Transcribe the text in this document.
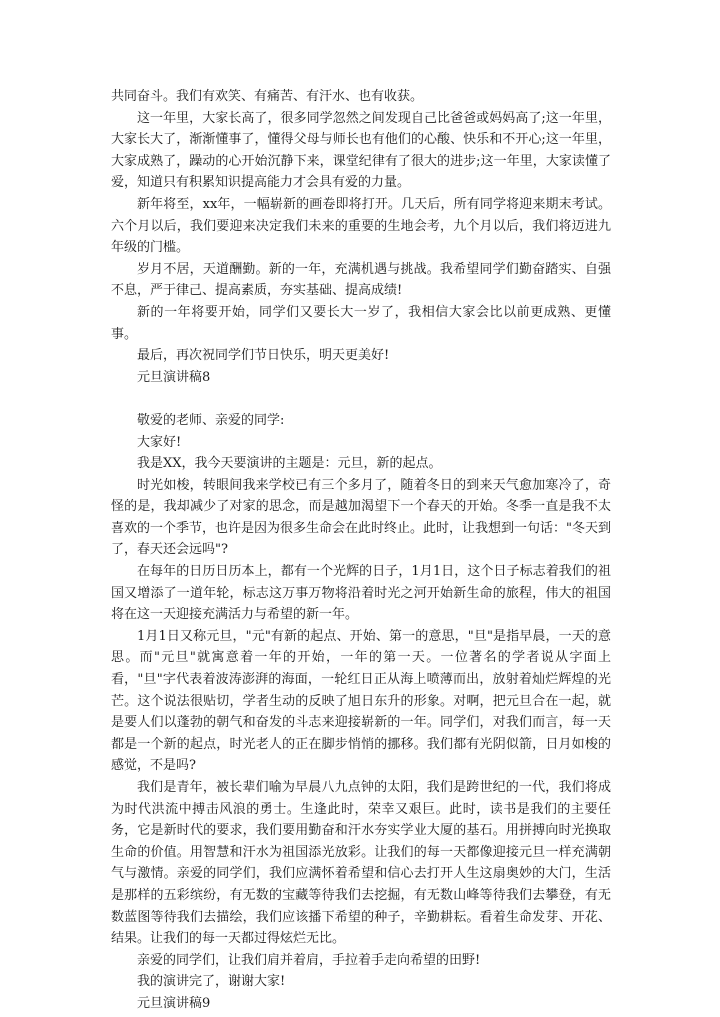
共同奋斗。我们有欢笑、有痛苦、有汗水、也有收获。

这一年里，大家长高了，很多同学忽然之间发现自己比爸爸或妈妈高了;这一年里，大家长大了，渐渐懂事了，懂得父母与师长也有他们的心酸、快乐和不开心;这一年里，大家成熟了，躁动的心开始沉静下来，课堂纪律有了很大的进步;这一年里，大家读懂了爱，知道只有积累知识提高能力才会具有爱的力量。

新年将至，xx年，一幅崭新的画卷即将打开。几天后，所有同学将迎来期末考试。六个月以后，我们要迎来决定我们未来的重要的生地会考，九个月以后，我们将迈进九年级的门槛。

岁月不居，天道酬勤。新的一年，充满机遇与挑战。我希望同学们勤奋踏实、自强不息，严于律己、提高素质，夯实基础、提高成绩!

新的一年将要开始，同学们又要长大一岁了，我相信大家会比以前更成熟、更懂事。

最后，再次祝同学们节日快乐，明天更美好!

元旦演讲稿8

敬爱的老师、亲爱的同学:

大家好!

我是XX，我今天要演讲的主题是：元旦，新的起点。

时光如梭，转眼间我来学校已有三个多月了，随着冬日的到来天气愈加寒冷了，奇怪的是，我却减少了对家的思念，而是越加渴望下一个春天的开始。冬季一直是我不太喜欢的一个季节，也许是因为很多生命会在此时终止。此时，让我想到一句话："冬天到了，春天还会远吗"?

在每年的日历日历本上，都有一个光辉的日子，1月1日，这个日子标志着我们的祖国又增添了一道年轮，标志这万事万物将沿着时光之河开始新生命的旅程，伟大的祖国将在这一天迎接充满活力与希望的新一年。

1月1日又称元旦，"元"有新的起点、开始、第一的意思，"旦"是指早晨，一天的意思。而"元旦"就寓意着一年的开始，一年的第一天。一位著名的学者说从字面上看，"旦"字代表着波涛澎湃的海面，一轮红日正从海上喷薄而出，放射着灿烂辉煌的光芒。这个说法很贴切，学者生动的反映了旭日东升的形象。对啊，把元旦合在一起，就是要人们以蓬勃的朝气和奋发的斗志来迎接崭新的一年。同学们，对我们而言，每一天都是一个新的起点，时光老人的正在脚步悄悄的挪移。我们都有光阴似箭，日月如梭的感觉，不是吗?

我们是青年，被长辈们喻为早晨八九点钟的太阳，我们是跨世纪的一代，我们将成为时代洪流中搏击风浪的勇士。生逢此时，荣幸又艰巨。此时，读书是我们的主要任务，它是新时代的要求，我们要用勤奋和汗水夯实学业大厦的基石。用拼搏向时光换取生命的价值。用智慧和汗水为祖国添光放彩。让我们的每一天都像迎接元旦一样充满朝气与激情。亲爱的同学们，我们应满怀着希望和信心去打开人生这扇奥妙的大门，生活是那样的五彩缤纷，有无数的宝藏等待我们去挖掘，有无数山峰等待我们去攀登，有无数蓝图等待我们去描绘，我们应该播下希望的种子，辛勤耕耘。看着生命发芽、开花、结果。让我们的每一天都过得炫烂无比。

亲爱的同学们，让我们肩并着肩，手拉着手走向希望的田野!

我的演讲完了，谢谢大家!

元旦演讲稿9
